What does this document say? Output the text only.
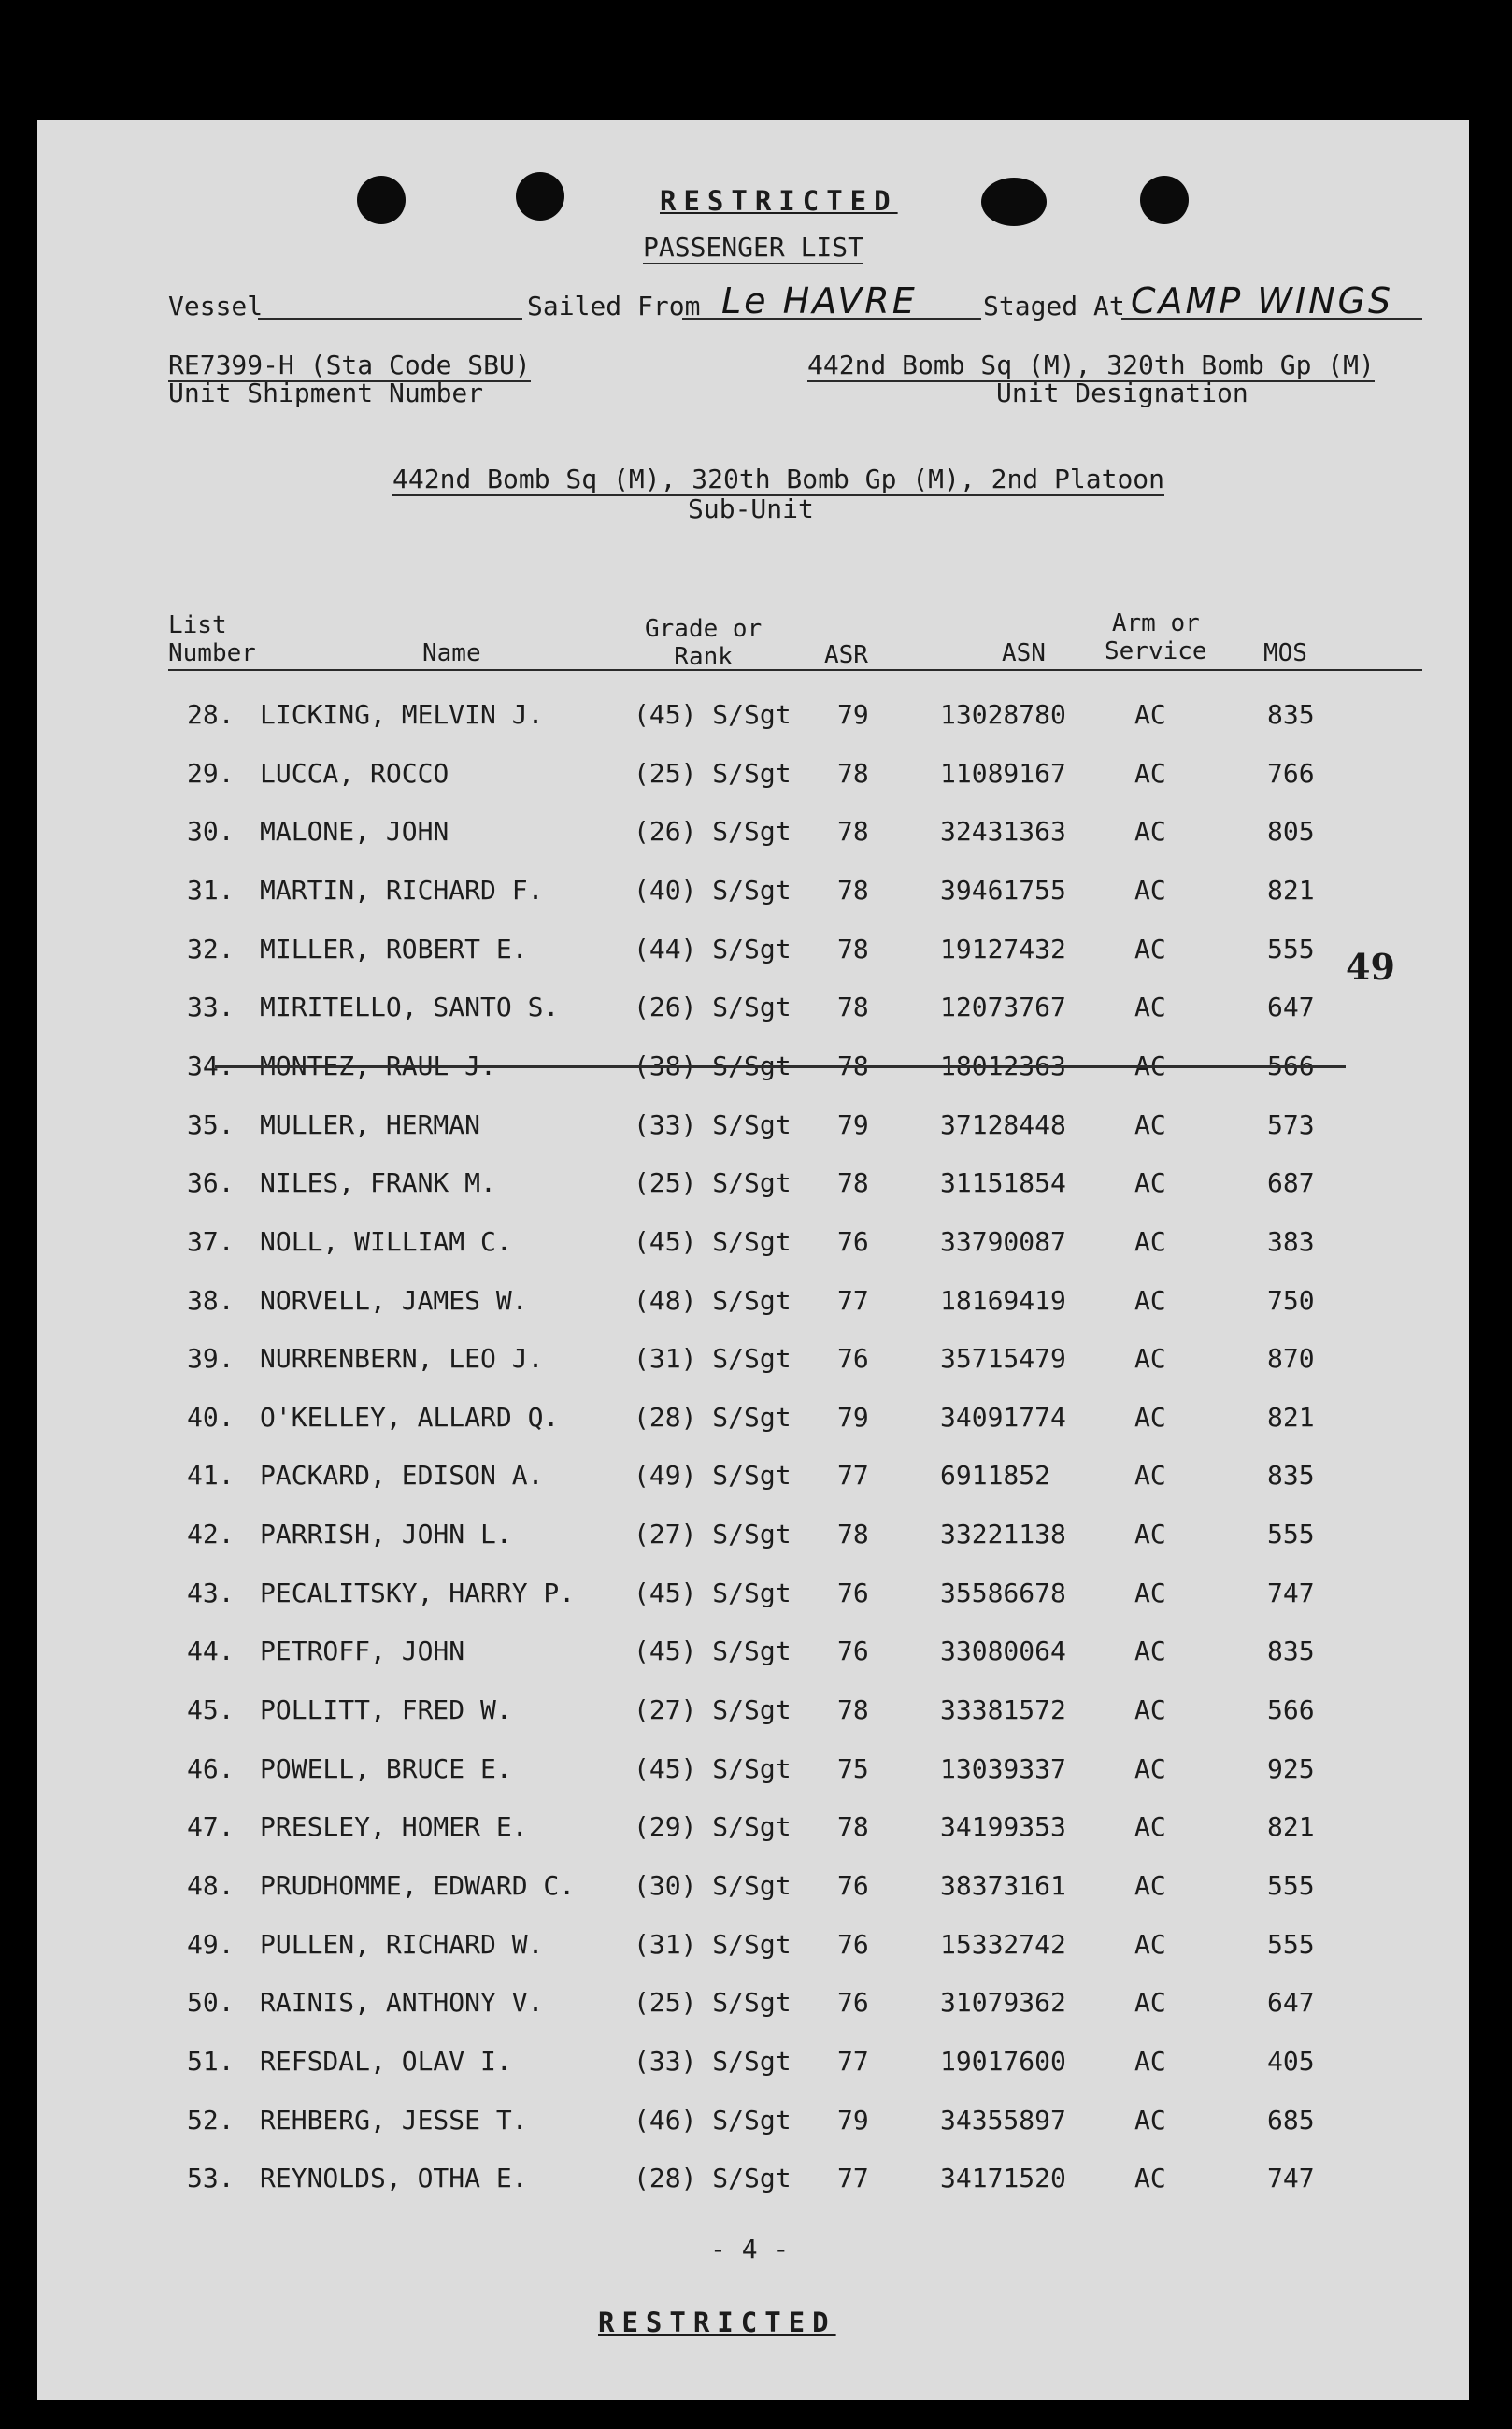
RESTRICTED
PASSENGER LIST
Vessel	Sailed From Le HAVRE	Staged At CAMP WINGS
RE7399-H (Sta Code SBU)
Unit Shipment Number
442nd Bomb Sq (M), 320th Bomb Gp (M)
Unit Designation
442nd Bomb Sq (M), 320th Bomb Gp (M), 2nd Platoon
Sub-Unit
List
Number	Name
Grade or
Rank	ASR	ASN
Arm or
Service MOS
28. LICKING, MELVIN J.	(45) S/Sgt 79	13028780	AC	835
29. LUCCA, ROCCO	(25) S/Sgt 78	11089167	AC	766
30. MALONE, JOHN	(26) S/Sgt 78	32431363	AC	805
31. MARTIN, RICHARD F.	(40) S/Sgt 78	39461755	AC	821
32. MILLER, ROBERT E.	(44) S/Sgt 78	19127432	AC	555
33. MIRITELLO, SANTO S.	(26) S/Sgt 78	12073767	AC	647
34. MONTEZ, RAUL J.	(38) S/Sgt 78	18012363	AC	566
35. MULLER, HERMAN	(33) S/Sgt 79	37128448	AC	573
36. NILES, FRANK M.	(25) S/Sgt 78	31151854	AC	687
37. NOLL, WILLIAM C.	(45) S/Sgt 76	33790087	AC	383
38. NORVELL, JAMES W.	(48) S/Sgt 77	18169419	AC	750
39. NURRENBERN, LEO J.	(31) S/Sgt 76	35715479	AC	870
40. O'KELLEY, ALLARD Q.	(28) S/Sgt 79	34091774	AC	821
41. PACKARD, EDISON A.	(49) S/Sgt 77	6911852	AC	835
42. PARRISH, JOHN L.	(27) S/Sgt 78	33221138	AC	555
43. PECALITSKY, HARRY P. (45) S/Sgt 76	35586678	AC	747
44. PETROFF, JOHN	(45) S/Sgt 76	33080064	AC	835
45. POLLITT, FRED W.	(27) S/Sgt 78	33381572	AC	566
46. POWELL, BRUCE E.	(45) S/Sgt 75	13039337	AC	925
47. PRESLEY, HOMER E.	(29) S/Sgt 78	34199353	AC	821
48. PRUDHOMME, EDWARD C. (30) S/Sgt 76	38373161	AC	555
49. PULLEN, RICHARD W.	(31) S/Sgt 76	15332742	AC	555
50. RAINIS, ANTHONY V.	(25) S/Sgt 76	31079362	AC	647
51. REFSDAL, OLAV I.	(33) S/Sgt 77	19017600	AC	405
52. REHBERG, JESSE T.	(46) S/Sgt 79	34355897	AC	685
53. REYNOLDS, OTHA E.	(28) S/Sgt 77	34171520	AC	747
49
- 4 -
RESTRICTED
